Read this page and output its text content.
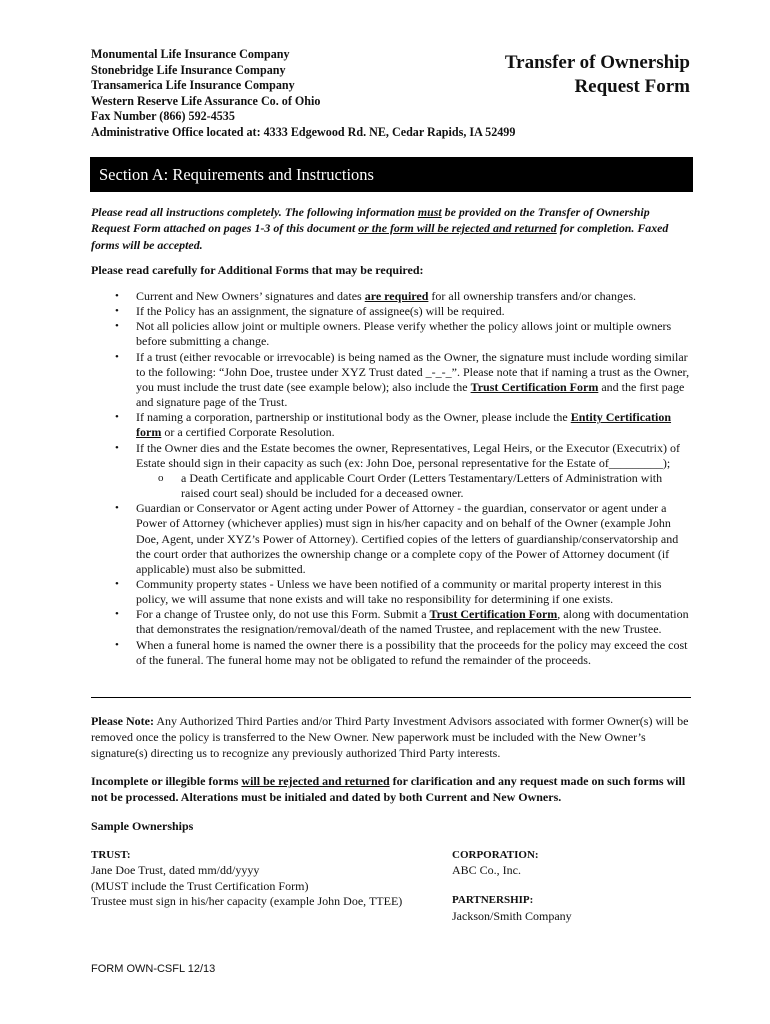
Monumental Life Insurance Company
Stonebridge Life Insurance Company
Transamerica Life Insurance Company
Western Reserve Life Assurance Co. of Ohio
Fax Number (866) 592-4535
Administrative Office located at: 4333 Edgewood Rd. NE, Cedar Rapids, IA 52499
Transfer of Ownership
Request Form
Section A: Requirements and Instructions
Please read all instructions completely. The following information must be provided on the Transfer of Ownership Request Form attached on pages 1-3 of this document or the form will be rejected and returned for completion. Faxed forms will be accepted.
Please read carefully for Additional Forms that may be required:
• Current and New Owners’ signatures and dates are required for all ownership transfers and/or changes.
• If the Policy has an assignment, the signature of assignee(s) will be required.
• Not all policies allow joint or multiple owners. Please verify whether the policy allows joint or multiple owners before submitting a change.
• If a trust (either revocable or irrevocable) is being named as the Owner, the signature must include wording similar to the following: “John Doe, trustee under XYZ Trust dated _-_-_”. Please note that if naming a trust as the Owner, you must include the trust date (see example below); also include the Trust Certification Form and the first page and signature page of the Trust.
• If naming a corporation, partnership or institutional body as the Owner, please include the Entity Certification form or a certified Corporate Resolution.
• If the Owner dies and the Estate becomes the owner, Representatives, Legal Heirs, or the Executor (Executrix) of Estate should sign in their capacity as such (ex: John Doe, personal representative for the Estate of_________);
o a Death Certificate and applicable Court Order (Letters Testamentary/Letters of Administration with raised court seal) should be included for a deceased owner.
• Guardian or Conservator or Agent acting under Power of Attorney - the guardian, conservator or agent under a Power of Attorney (whichever applies) must sign in his/her capacity and on behalf of the Owner (example John Doe, Agent, under XYZ’s Power of Attorney). Certified copies of the letters of guardianship/conservatorship and the court order that authorizes the ownership change or a complete copy of the Power of Attorney document (if applicable) must also be submitted.
• Community property states - Unless we have been notified of a community or marital property interest in this policy, we will assume that none exists and will take no responsibility for determining if one exists.
• For a change of Trustee only, do not use this Form. Submit a Trust Certification Form, along with documentation that demonstrates the resignation/removal/death of the named Trustee, and replacement with the new Trustee.
• When a funeral home is named the owner there is a possibility that the proceeds for the policy may exceed the cost of the funeral. The funeral home may not be obligated to refund the remainder of the proceeds.
Please Note: Any Authorized Third Parties and/or Third Party Investment Advisors associated with former Owner(s) will be removed once the policy is transferred to the New Owner. New paperwork must be included with the New Owner’s signature(s) directing us to recognize any previously authorized Third Party interests.
Incomplete or illegible forms will be rejected and returned for clarification and any request made on such forms will not be processed. Alterations must be initialed and dated by both Current and New Owners.
Sample Ownerships
TRUST:
Jane Doe Trust, dated mm/dd/yyyy
(MUST include the Trust Certification Form)
Trustee must sign in his/her capacity (example John Doe, TTEE)
CORPORATION:
ABC Co., Inc.
PARTNERSHIP:
Jackson/Smith Company
FORM OWN-CSFL 12/13
